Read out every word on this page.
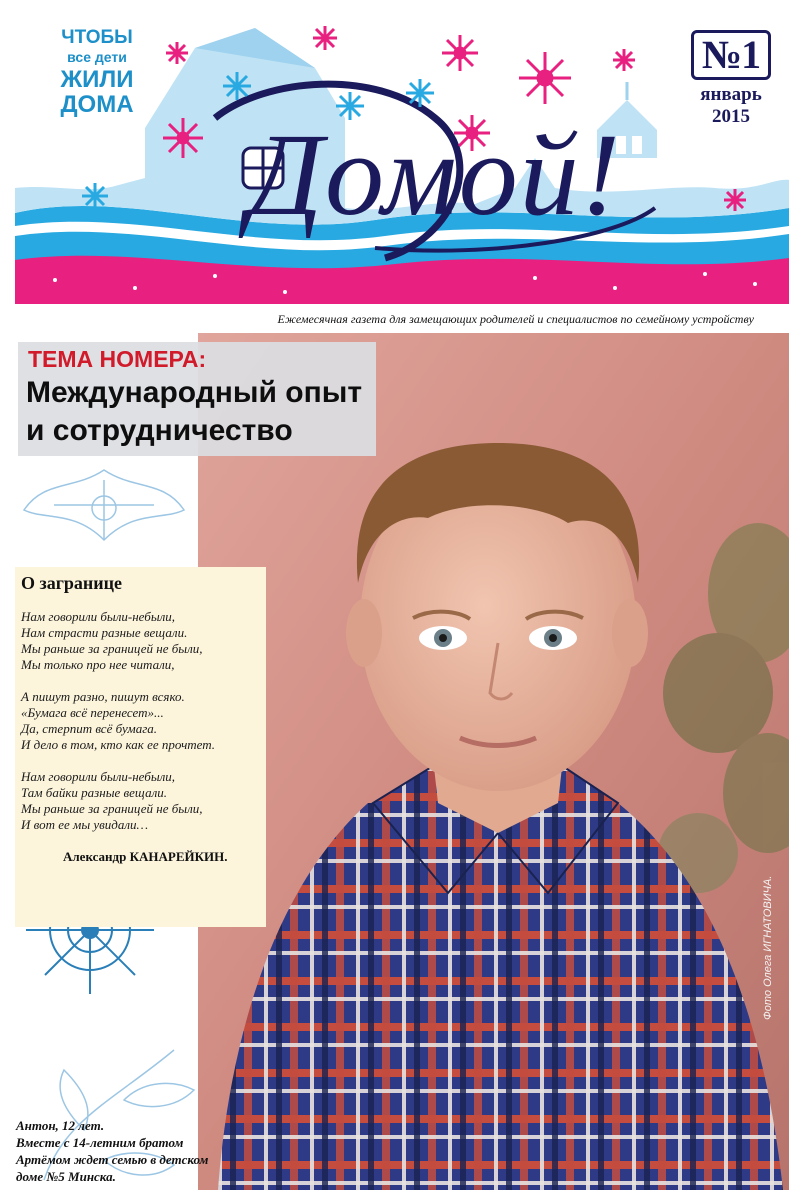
ЧТОБЫ
все дети
ЖИЛИ
ДОМА
№1
январь
2015
Домой!
Ежемесячная газета для замещающих родителей и специалистов по семейному устройству
Фото Олега ИГНАТОВИЧА.
ТЕМА НОМЕРА:
Международный опыт
и сотрудничество
О загранице
Нам говорили были-небыли,
Нам страсти разные вещали.
Мы раньше за границей не были,
Мы только про нее читали,
А пишут разно, пишут всяко.
«Бумага всё перенесет»...
Да, стерпит всё бумага.
И дело в том, кто как ее прочтет.
Нам говорили были-небыли,
Там байки разные вещали.
Мы раньше за границей не были,
И вот ее мы увидали…
Александр КАНАРЕЙКИН.
Антон, 12 лет.
Вместе с 14-летним братом
Артёмом ждет семью в детском
доме №5 Минска.
